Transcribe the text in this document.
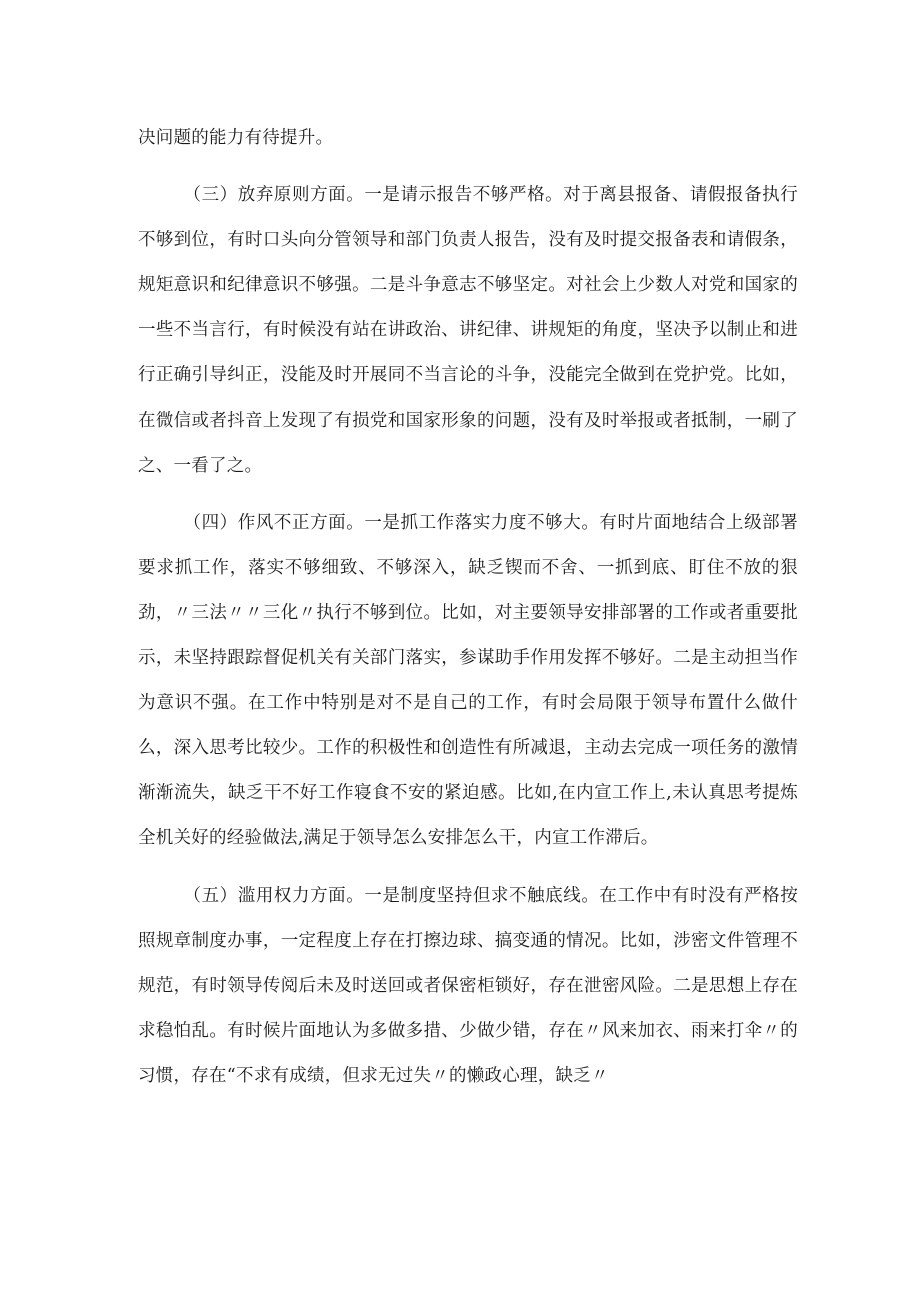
决问题的能力有待提升。

（三）放弃原则方面。一是请示报告不够严格。对于离县报备、请假报备执行不够到位，有时口头向分管领导和部门负责人报告，没有及时提交报备表和请假条，规矩意识和纪律意识不够强。二是斗争意志不够坚定。对社会上少数人对党和国家的一些不当言行，有时候没有站在讲政治、讲纪律、讲规矩的角度，坚决予以制止和进行正确引导纠正，没能及时开展同不当言论的斗争，没能完全做到在党护党。比如，在微信或者抖音上发现了有损党和国家形象的问题，没有及时举报或者抵制，一刷了之、一看了之。

（四）作风不正方面。一是抓工作落实力度不够大。有时片面地结合上级部署要求抓工作，落实不够细致、不够深入，缺乏锲而不舍、一抓到底、盯住不放的狠劲，〃三法〃〃三化〃执行不够到位。比如，对主要领导安排部署的工作或者重要批示，未坚持跟踪督促机关有关部门落实，参谋助手作用发挥不够好。二是主动担当作为意识不强。在工作中特别是对不是自己的工作，有时会局限于领导布置什么做什么，深入思考比较少。工作的积极性和创造性有所减退，主动去完成一项任务的激情渐渐流失，缺乏干不好工作寝食不安的紧迫感。比如,在内宣工作上,未认真思考提炼全机关好的经验做法,满足于领导怎么安排怎么干，内宣工作滞后。

（五）滥用权力方面。一是制度坚持但求不触底线。在工作中有时没有严格按照规章制度办事，一定程度上存在打擦边球、搞变通的情况。比如，涉密文件管理不规范，有时领导传阅后未及时送回或者保密柜锁好，存在泄密风险。二是思想上存在求稳怕乱。有时候片面地认为多做多措、少做少错，存在〃风来加衣、雨来打伞〃的习惯，存在“不求有成绩，但求无过失〃的懒政心理，缺乏〃
